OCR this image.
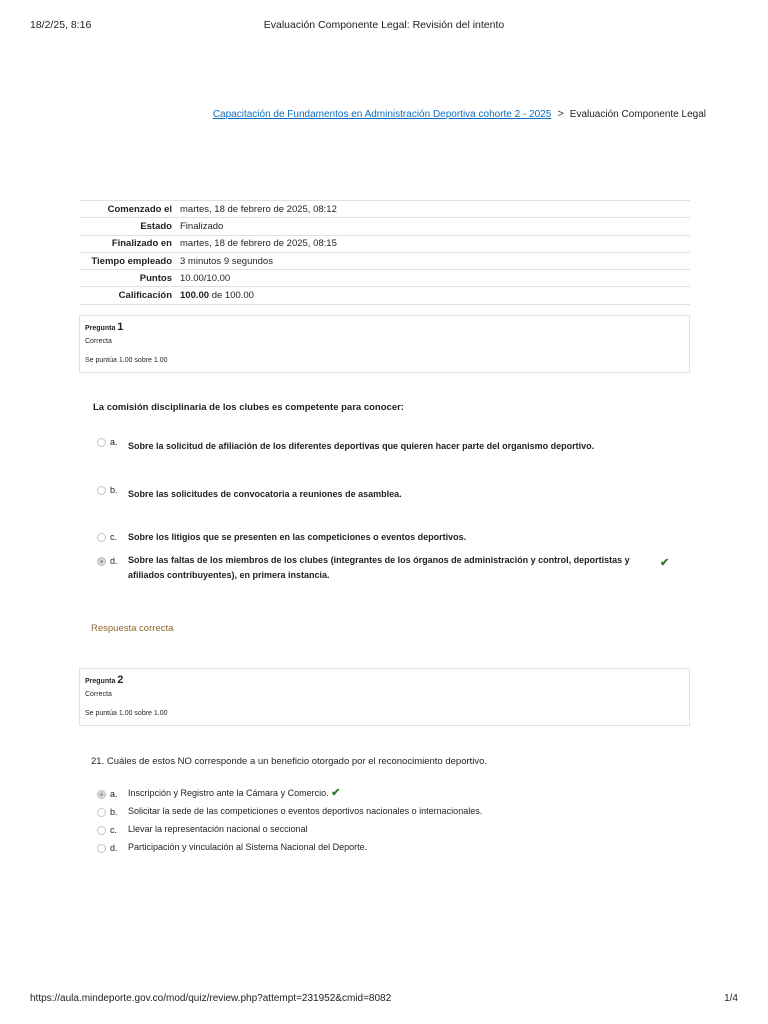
18/2/25, 8:16	Evaluación Componente Legal: Revisión del intento
Capacitación de Fundamentos en Administración Deportiva cohorte 2 - 2025 > Evaluación Componente Legal
Comenzado el	martes, 18 de febrero de 2025, 08:12
Estado	Finalizado
Finalizado en	martes, 18 de febrero de 2025, 08:15
Tiempo empleado	3 minutos 9 segundos
Puntos	10.00/10.00
Calificación	100.00 de 100.00
Pregunta 1
Correcta
Se puntúa 1.00 sobre 1.00
La comisión disciplinaria de los clubes es competente para conocer:
a. Sobre la solicitud de afiliación de los diferentes deportivas que quieren hacer parte del organismo deportivo.
b. Sobre las solicitudes de convocatoria a reuniones de asamblea.
c. Sobre los litigios que se presenten en las competiciones o eventos deportivos.
d. Sobre las faltas de los miembros de los clubes (integrantes de los órganos de administración y control, deportistas y afiliados contribuyentes), en primera instancia.
✔
Respuesta correcta
Pregunta 2
Correcta
Se puntúa 1.00 sobre 1.00
21. Cuáles de estos NO corresponde a un beneficio otorgado por el reconocimiento deportivo.
a. Inscripción y Registro ante la Cámara y Comercio. ✔
b. Solicitar la sede de las competiciones o eventos deportivos nacionales o internacionales.
c. Llevar la representación nacional o seccional
d. Participación y vinculación al Sistema Nacional del Deporte.
https://aula.mindeporte.gov.co/mod/quiz/review.php?attempt=231952&cmid=8082	1/4
